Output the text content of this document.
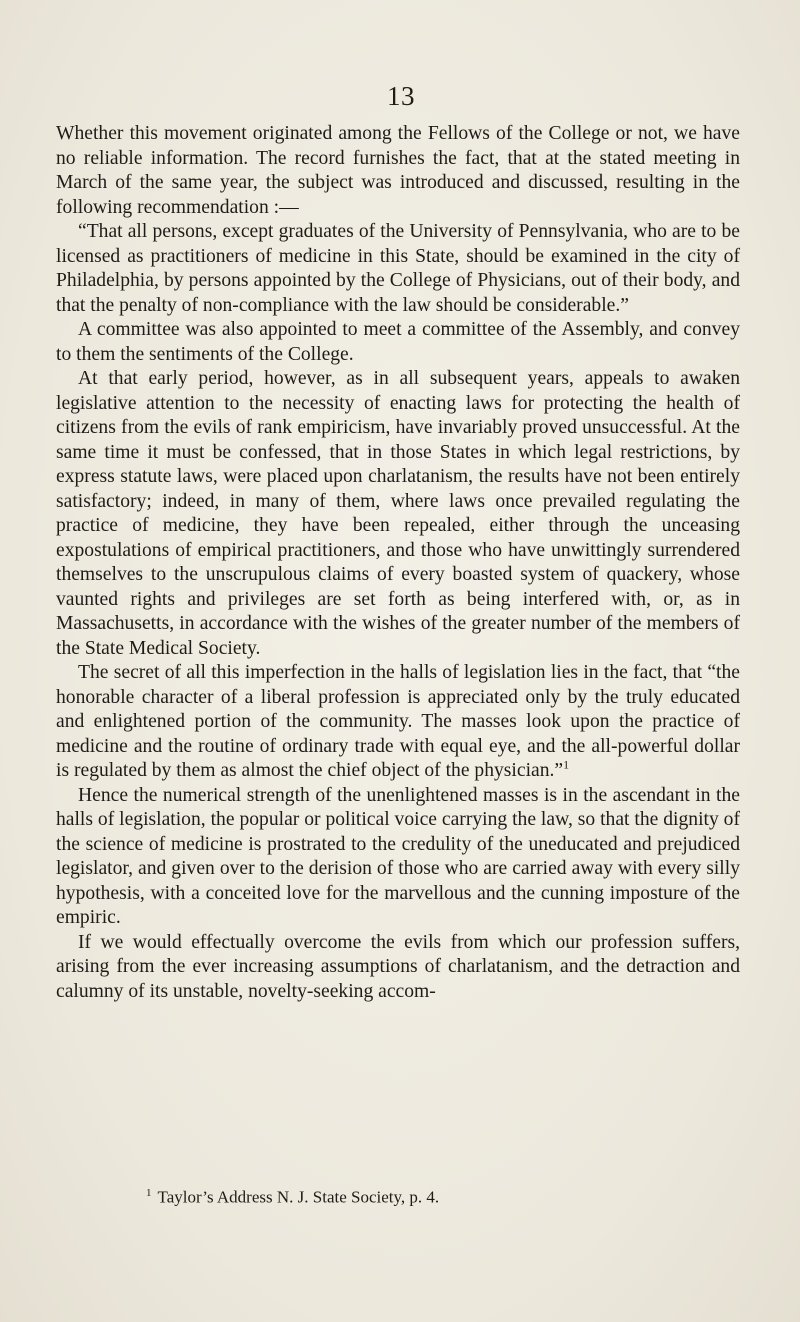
13

Whether this movement originated among the Fellows of the College or not, we have no reliable information. The record furnishes the fact, that at the stated meeting in March of the same year, the subject was introduced and discussed, resulting in the following recommendation :—

“That all persons, except graduates of the University of Pennsylvania, who are to be licensed as practitioners of medicine in this State, should be examined in the city of Philadelphia, by persons appointed by the College of Physicians, out of their body, and that the penalty of non-compliance with the law should be considerable.”

A committee was also appointed to meet a committee of the Assembly, and convey to them the sentiments of the College.

At that early period, however, as in all subsequent years, appeals to awaken legislative attention to the necessity of enacting laws for protecting the health of citizens from the evils of rank empiricism, have invariably proved unsuccessful. At the same time it must be confessed, that in those States in which legal restrictions, by express statute laws, were placed upon charlatanism, the results have not been entirely satisfactory; indeed, in many of them, where laws once prevailed regulating the practice of medicine, they have been repealed, either through the unceasing expostulations of empirical practitioners, and those who have unwittingly surrendered themselves to the unscrupulous claims of every boasted system of quackery, whose vaunted rights and privileges are set forth as being interfered with, or, as in Massachusetts, in accordance with the wishes of the greater number of the members of the State Medical Society.

The secret of all this imperfection in the halls of legislation lies in the fact, that “the honorable character of a liberal profession is appreciated only by the truly educated and enlightened portion of the community. The masses look upon the practice of medicine and the routine of ordinary trade with equal eye, and the all-powerful dollar is regulated by them as almost the chief object of the physician.”$^1$

Hence the numerical strength of the unenlightened masses is in the ascendant in the halls of legislation, the popular or political voice carrying the law, so that the dignity of the science of medicine is prostrated to the credulity of the uneducated and prejudiced legislator, and given over to the derision of those who are carried away with every silly hypothesis, with a conceited love for the marvellous and the cunning imposture of the empiric.

If we would effectually overcome the evils from which our profession suffers, arising from the ever increasing assumptions of charlatanism, and the detraction and calumny of its unstable, novelty-seeking accom-

$^1$ Taylor’s Address N. J. State Society, p. 4.
